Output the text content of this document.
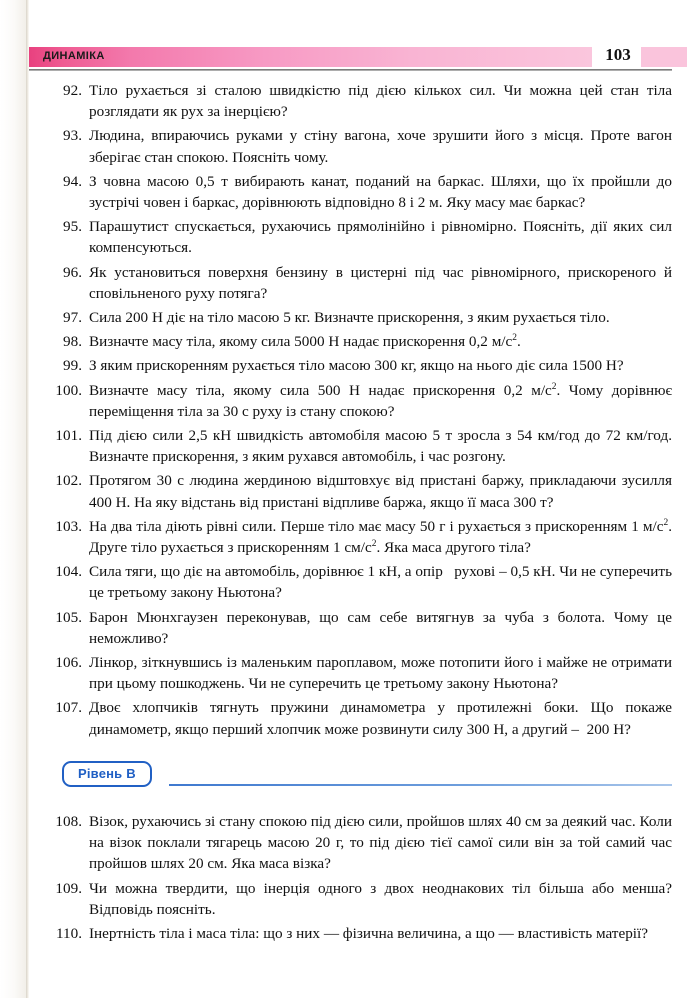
ДИНАМІКА	103
92. Тіло рухається зі сталою швидкістю під дією кількох сил. Чи можна цей стан тіла розглядати як рух за інерцією?
93. Людина, впираючись руками у стіну вагона, хоче зрушити його з місця. Проте вагон зберігає стан спокою. Поясніть чому.
94. З човна масою 0,5 т вибирають канат, поданий на баркас. Шляхи, що їх пройшли до зустрічі човен і баркас, дорівнюють відповідно 8 і 2 м. Яку масу має баркас?
95. Парашутист спускається, рухаючись прямолінійно і рівномірно. Поясніть, дії яких сил компенсуються.
96. Як установиться поверхня бензину в цистерні під час рівномірного, прискореного й сповільненого руху потяга?
97. Сила 200 Н діє на тіло масою 5 кг. Визначте прискорення, з яким рухається тіло.
98. Визначте масу тіла, якому сила 5000 Н надає прискорення 0,2 $м/с^2$.
99. З яким прискоренням рухається тіло масою 300 кг, якщо на нього діє сила 1500 Н?
100. Визначте масу тіла, якому сила 500 Н надає прискорення 0,2 $м/с^2$. Чому дорівнює переміщення тіла за 30 с руху із стану спокою?
101. Під дією сили 2,5 кН швидкість автомобіля масою 5 т зросла з 54 км/год до 72 км/год. Визначте прискорення, з яким рухався автомобіль, і час розгону.
102. Протягом 30 с людина жердиною відштовхує від пристані баржу, прикладаючи зусилля 400 Н. На яку відстань від пристані відпливе баржа, якщо її маса 300 т?
103. На два тіла діють рівні сили. Перше тіло має масу 50 г і рухається з прискоренням 1 $м/с^2$. Друге тіло рухається з прискоренням 1 $см/с^2$. Яка маса другого тіла?
104. Сила тяги, що діє на автомобіль, дорівнює 1 кН, а опір   рухові – 0,5 кН. Чи не суперечить це третьому закону Ньютона?
105. Барон Мюнхгаузен переконував, що сам себе витягнув за чуба з болота. Чому це неможливо?
106. Лінкор, зіткнувшись із маленьким пароплавом, може потопити його і майже не отримати при цьому пошкоджень. Чи не суперечить це третьому закону Ньютона?
107. Двоє хлопчиків тягнуть пружини динамометра у протилежні боки. Що покаже динамометр, якщо перший хлопчик може розвинути силу 300 Н, а другий –  200 Н?
Рівень В
108. Візок, рухаючись зі стану спокою під дією сили, пройшов шлях 40 см за деякий час. Коли на візок поклали тягарець масою 20 г, то під дією тієї самої сили він за той самий час пройшов шлях 20 см. Яка маса візка?
109. Чи можна твердити, що інерція одного з двох неоднакових тіл більша або менша? Відповідь поясніть.
110. Інертність тіла і маса тіла: що з них — фізична величина, а що — властивість матерії?
